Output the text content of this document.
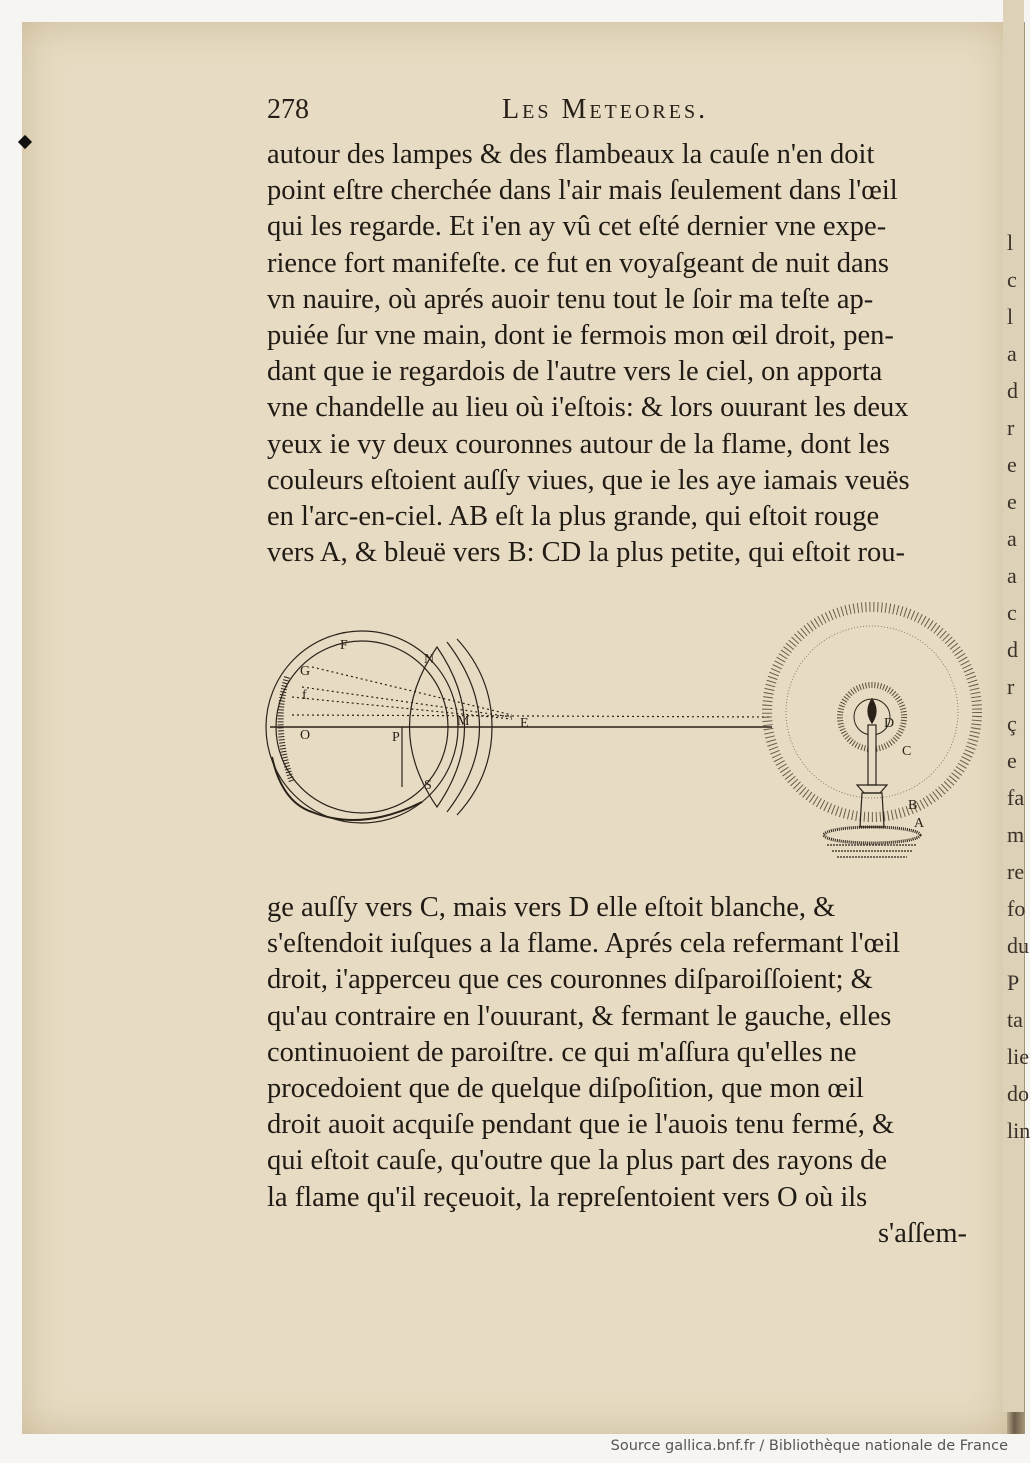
278	Les Meteores.
autour des lampes & des flambeaux la cauſe n'en doit
point eſtre cherchée dans l'air mais ſeulement dans l'œil
qui les regarde. Et i'en ay vû cet eſté dernier vne expe-
rience fort manifeſte. ce fut en voyaſgeant de nuit dans
vn nauire, où aprés auoir tenu tout le ſoir ma teſte ap-
puiée ſur vne main, dont ie fermois mon œil droit, pen-
dant que ie regardois de l'autre vers le ciel, on apporta
vne chandelle au lieu où i'eſtois: & lors ouurant les deux
yeux ie vy deux couronnes autour de la flame, dont les
couleurs eſtoient auſſy viues, que ie les aye iamais veuës
en l'arc-en-ciel. AB eſt la plus grande, qui eſtoit rouge
vers A, & bleuë vers B: CD la plus petite, qui eſtoit rou-
F
G
f
O
N
P
M	E
S
D
C
B
A
ge auſſy vers C, mais vers D elle eſtoit blanche, &
s'eſtendoit iuſques a la flame. Aprés cela refermant l'œil
droit, i'apperceu que ces couronnes diſparoiſſoient; &
qu'au contraire en l'ouurant, & fermant le gauche, elles
continuoient de paroiſtre. ce qui m'aſſura qu'elles ne
procedoient que de quelque diſpoſition, que mon œil
droit auoit acquiſe pendant que ie l'auois tenu fermé, &
qui eſtoit cauſe, qu'outre que la plus part des rayons de
la flame qu'il reçeuoit, la repreſentoient vers O où ils
s'aſſem-
l
c
l
a
d
r
e
e
a
a
c
d
r
ç
e
fa
m
re
fo
du
P
ta
lie
do
lin
Source gallica.bnf.fr / Bibliothèque nationale de France
